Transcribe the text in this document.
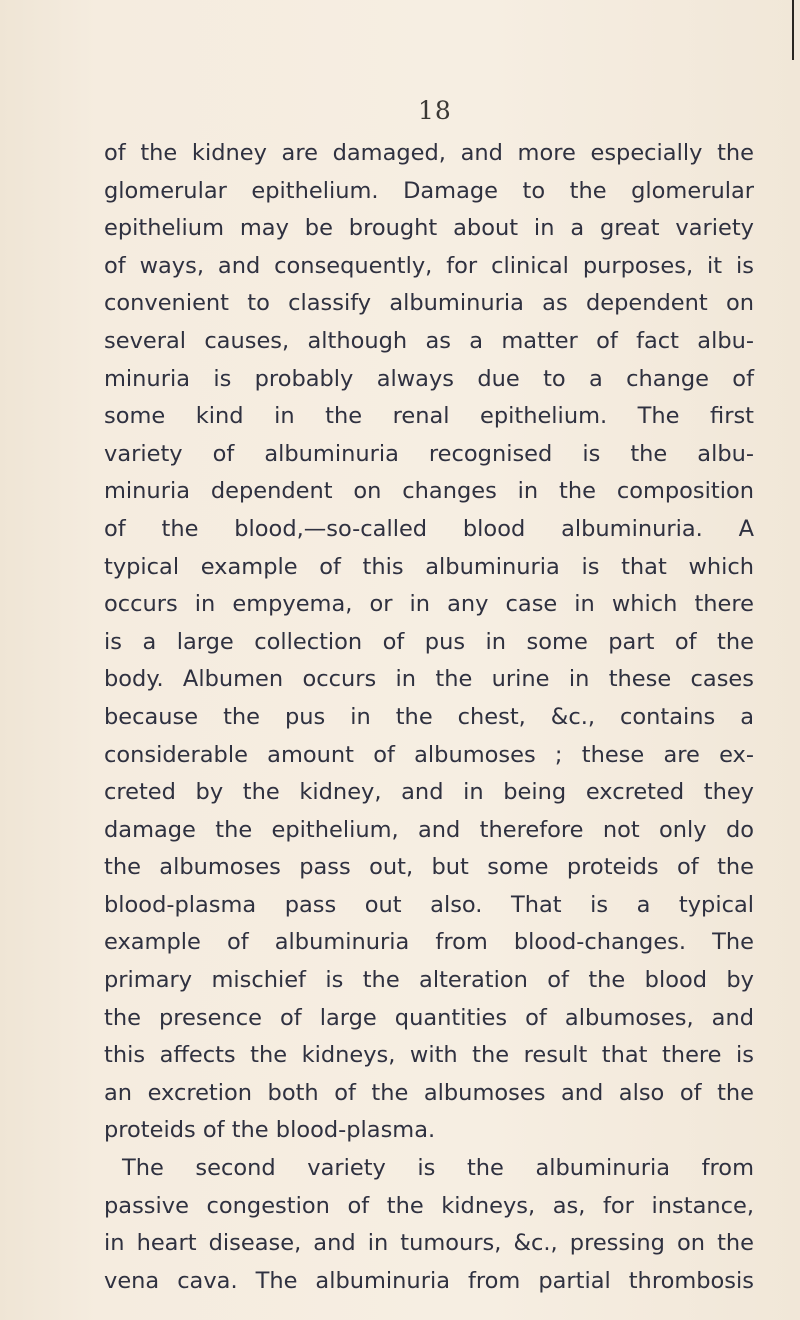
18
of the kidney are damaged, and more especially the
glomerular epithelium. Damage to the glomerular
epithelium may be brought about in a great variety
of ways, and consequently, for clinical purposes, it is
convenient to classify albuminuria as dependent on
several causes, although as a matter of fact albu-
minuria is probably always due to a change of
some kind in the renal epithelium. The first
variety of albuminuria recognised is the albu-
minuria dependent on changes in the composition
of the blood,—so-called blood albuminuria. A
typical example of this albuminuria is that which
occurs in empyema, or in any case in which there
is a large collection of pus in some part of the
body. Albumen occurs in the urine in these cases
because the pus in the chest, &c., contains a
considerable amount of albumoses ; these are ex-
creted by the kidney, and in being excreted they
damage the epithelium, and therefore not only do
the albumoses pass out, but some proteids of the
blood-plasma pass out also. That is a typical
example of albuminuria from blood-changes. The
primary mischief is the alteration of the blood by
the presence of large quantities of albumoses, and
this affects the kidneys, with the result that there is
an excretion both of the albumoses and also of the
proteids of the blood-plasma.
The second variety is the albuminuria from
passive congestion of the kidneys, as, for instance,
in heart disease, and in tumours, &c., pressing on the
vena cava. The albuminuria from partial thrombosis
